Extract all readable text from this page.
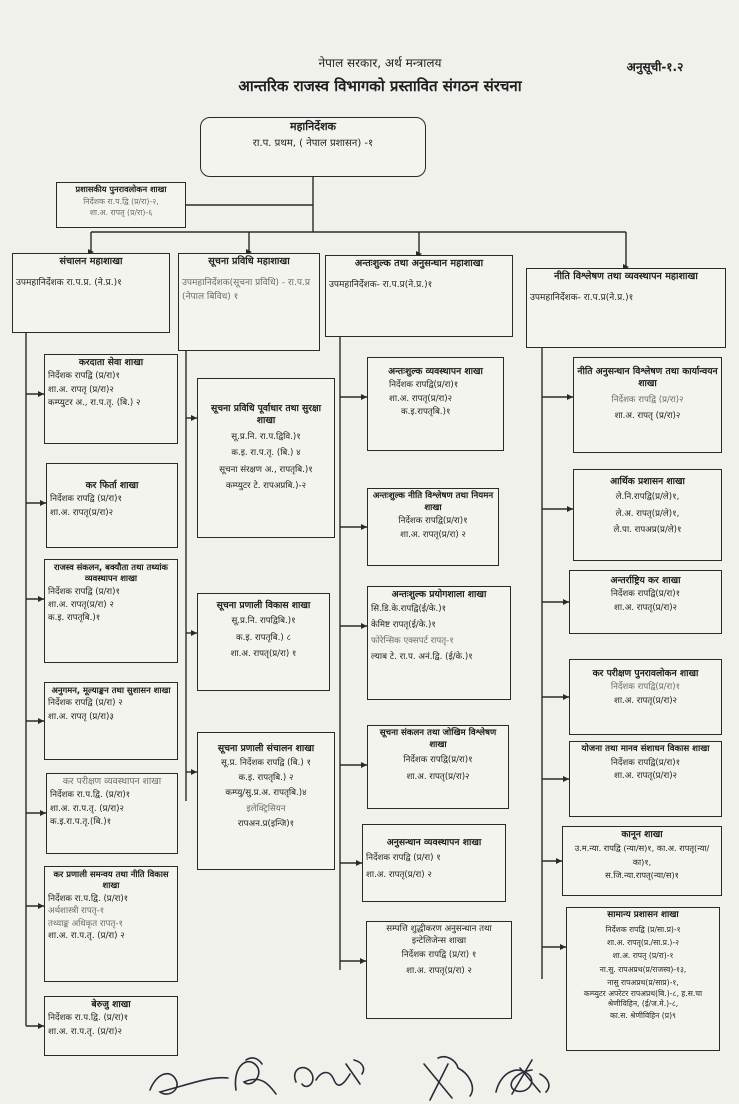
नेपाल सरकार, अर्थ मन्त्रालय
आन्तरिक राजस्व विभागको प्रस्तावित संगठन संरचना
अनुसूची-१.२
महानिर्देशक
रा.प. प्रथम, ( नेपाल प्रशासन) -१
प्रशासकीय पुनरावलोकन शाखा
निर्देशक रा.प.द्वि (प्र/रा)-२,
शा.अ. रापतृ (प्र/रा)-६
संचालन महाशाखा
उपमहानिर्देशक रा.प.प्र. (ने.प्र.)१
सूचना प्रविधि महाशाखा
उपमहानिर्देशक(सूचना प्रविधि) - रा.प.प्र (नेपाल बिविध) १
अन्तःशुल्क तथा अनुसन्धान महाशाखा
उपमहानिर्देशक- रा.प.प्र(ने.प्र.)१
नीति विश्लेषण तथा व्यवस्थापन महाशाखा
उपमहानिर्देशक- रा.प.प्र(ने.प्र.)१
करदाता सेवा शाखा
निर्देशक रापद्वि (प्र/रा)१
शा.अ. रापतृ (प्र/रा)२
कम्प्युटर अ., रा.प.तृ. (बि.) २
कर फिर्ता शाखा
निर्देशक रापद्वि (प्र/रा)१
शा.अ. रापतृ(प्र/रा)२
राजस्व संकलन, बक्यौता तथा तथ्यांक व्यवस्थापन शाखा
निर्देशक रापद्वि (प्र/रा)१
शा.अ. रापतृ(प्र/रा) २
क.इ. रापतृबि.)१
अनुगमन, मूल्याङ्कन तथा सुशासन शाखा
निर्देशक रापद्वि (प्र/रा) २
शा.अ. रापतृ (प्र/रा)३
कर परीक्षण व्यवस्थापन शाखा
निर्देशक रा.प.द्वि. (प्र/रा)१
शा.अ. रा.प.तृ. (प्र/रा)२
क.इ.रा.प.तृ.(बि.)१
कर प्रणाली समन्वय तथा नीति विकास शाखा
निर्देशक रा.प.द्वि. (प्र/रा)१
अर्थशास्त्री रापतृ-१
तथ्याङ्क अधिकृत रापतृ-१
शा.अ. रा.प.तृ. (प्र/रा) २
बेरुजु शाखा
निर्देशक रा.प.द्वि. (प्र/रा)१
शा.अ. रा.प.तृ. (प्र/रा)२
सूचना प्रविधि पूर्वाधार तथा सुरक्षा शाखा
सू.प्र.नि. रा.प.द्विवि.)१
क.इ. रा.प.तृ. (बि.) ४
सूचना संरक्षण अ., रापतृबि.)१
कम्प्युटर टे. रापअप्रबि.)-२
सूचना प्रणाली विकास शाखा
सू.प्र.नि. रापद्विबि.)१
क.इ. रापतृबि.) ८
शा.अ. रापतृ(प्र/रा) १
सूचना प्रणाली संचालन शाखा
सू.प्र. निर्देशक रापद्वि (बि.) १
क.इ. रापतृबि.) २
कम्प्यु/सु.प्र.अ. रापतृबि.)४
इलेक्ट्रिसियन
रापअन.प्र(इन्जि)१
अन्तःशुल्क व्यवस्थापन शाखा
निर्देशक रापद्वि(प्र/रा)१
शा.अ. रापतृ(प्र/रा)२
क.इ.रापतृबि.)१
अन्तःशुल्क नीति विश्लेषण तथा नियमन शाखा
निर्देशक रापद्वि(प्र/रा)१
शा.अ. रापतृ(प्र/रा) २
अन्तःशुल्क प्रयोगशाला शाखा
सि.डि.के.रापद्वि(ई/के.)१
केमिष्ट रापतृ(ई/के.)१
फोरेन्सिक एक्सपर्ट रापतृ-१
ल्याब टे. रा.प. अनं.द्वि. (ई/के.)१
सूचना संकलन तथा जोखिम विश्लेषण शाखा
निर्देशक रापद्वि(प्र/रा)१
शा.अ. रापतृ(प्र/रा)२
अनुसन्धान व्यवस्थापन शाखा
निर्देशक रापद्वि (प्र/रा) १
शा.अ. रापतृ(प्र/रा) २
सम्पत्ति शुद्धीकरण अनुसन्धान तथा इन्टेलिजेन्स शाखा
निर्देशक रापद्वि (प्र/रा) १
शा.अ. रापतृ(प्र/रा) २
नीति अनुसन्धान विश्लेषण तथा कार्यान्वयन शाखा
निर्देशक रापद्वि (प्र/रा)२
शा.अ. रापतृ (प्र/रा)२
आर्थिक प्रशासन शाखा
ले.नि.रापद्वि(प्र/ले)१,
ले.अ. रापतृ(प्र/ले)१,
ले.पा. रापअप्र(प्र/ले)१
अन्तर्राष्ट्रिय कर शाखा
निर्देशक रापद्वि(प्र/रा)१
शा.अ. रापतृ(प्र/रा)२
कर परीक्षण पुनरावलोकन शाखा
निर्देशक रापद्वि(प्र/रा)१
शा.अ. रापतृ(प्र/रा)२
योजना तथा मानव संशाधन विकास शाखा
निर्देशक रापद्वि(प्र/रा)१
शा.अ. रापतृ(प्र/रा)२
कानून शाखा
उ.म.न्या. रापद्वि (न्या/स)१, का.अ. रापतृ(न्या/का)१,
स.जि.न्या.रापतृ(न्या/स)१
सामान्य प्रशासन शाखा
निर्देशक रापद्वि (प्र/सा.प्र)-१
शा.अ. रापतृ(प्र./सा.प्र.)-२
शा.अ. रापतृ (प्र/रा)-१
ना.सु. रापअप्रथ(प्र/राजस्व)-१३,
नासु रापअप्रथ(प्र/साप्र)-१,
कम्प्युटर अपरेटर रापअप्रथ(बि.)-८, ह.स.चा श्रेणीविहिन, (ई/ज.मे.)-८,
का.स. श्रेणीविहिन (प्र)९
